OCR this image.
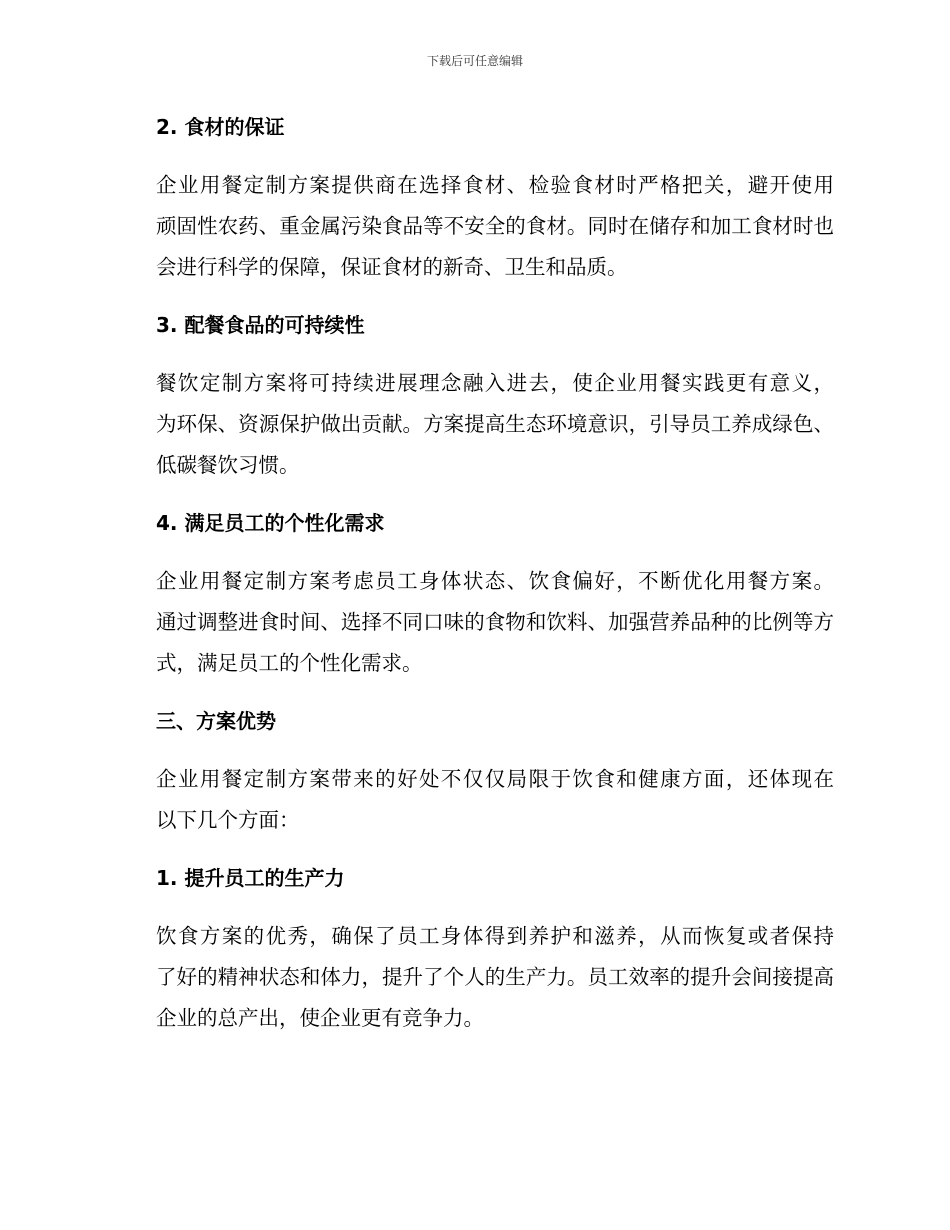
下载后可任意编辑
2. 食材的保证
企业用餐定制方案提供商在选择食材、检验食材时严格把关，避开使用
顽固性农药、重金属污染食品等不安全的食材。同时在储存和加工食材时也
会进行科学的保障，保证食材的新奇、卫生和品质。
3. 配餐食品的可持续性
餐饮定制方案将可持续进展理念融入进去，使企业用餐实践更有意义，
为环保、资源保护做出贡献。方案提高生态环境意识，引导员工养成绿色、
低碳餐饮习惯。
4. 满足员工的个性化需求
企业用餐定制方案考虑员工身体状态、饮食偏好，不断优化用餐方案。
通过调整进食时间、选择不同口味的食物和饮料、加强营养品种的比例等方
式，满足员工的个性化需求。
三、方案优势
企业用餐定制方案带来的好处不仅仅局限于饮食和健康方面，还体现在
以下几个方面：
1. 提升员工的生产力
饮食方案的优秀，确保了员工身体得到养护和滋养，从而恢复或者保持
了好的精神状态和体力，提升了个人的生产力。员工效率的提升会间接提高
企业的总产出，使企业更有竞争力。
